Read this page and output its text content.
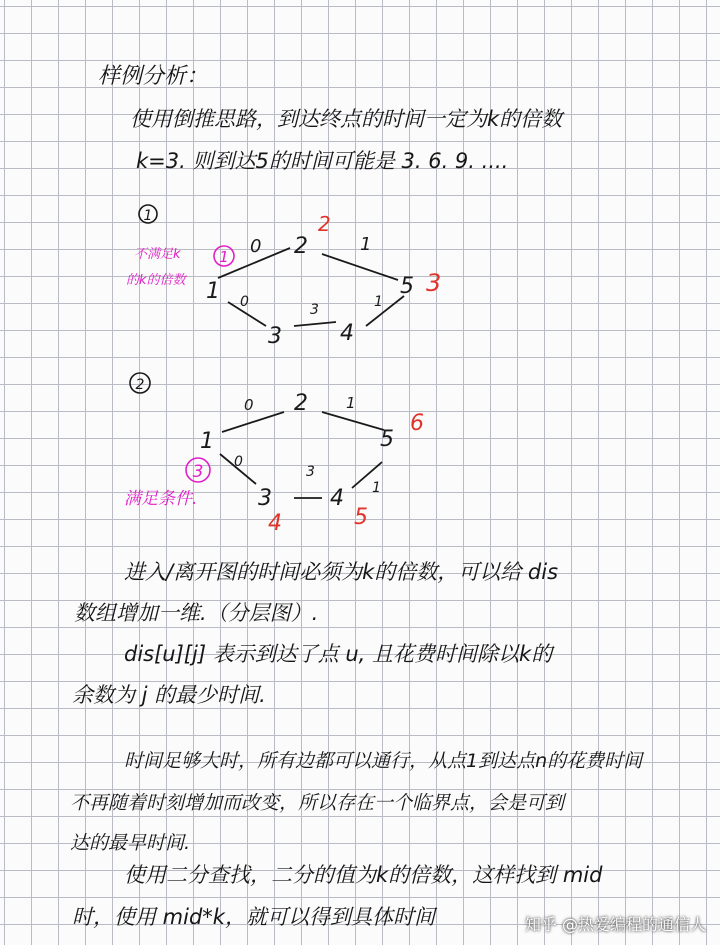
样例分析：
使用倒推思路，到达终点的时间一定为k的倍数
k=3. 则到达5的时间可能是 3. 6. 9. ....
进入/离开图的时间必须为k的倍数，可以给 dis
数组增加一维.（分层图）.
dis[u][j] 表示到达了点 u, 且花费时间除以k的
余数为 j 的最少时间.
时间足够大时，所有边都可以通行，从点1到达点n的花费时间
不再随着时刻增加而改变，所以存在一个临界点，会是可到
达的最早时间.
使用二分查找，二分的值为k的倍数，这样找到 mid
时，使用 mid*k，就可以得到具体时间
1
1
2
3	4
5
0	1
0	3	1
2
3
1
不满足k
的k的倍数
2
1
2
3	4
5
0	1
0
3
1
6
4	5
3
满足条件.
知乎 @热爱编程的通信人
